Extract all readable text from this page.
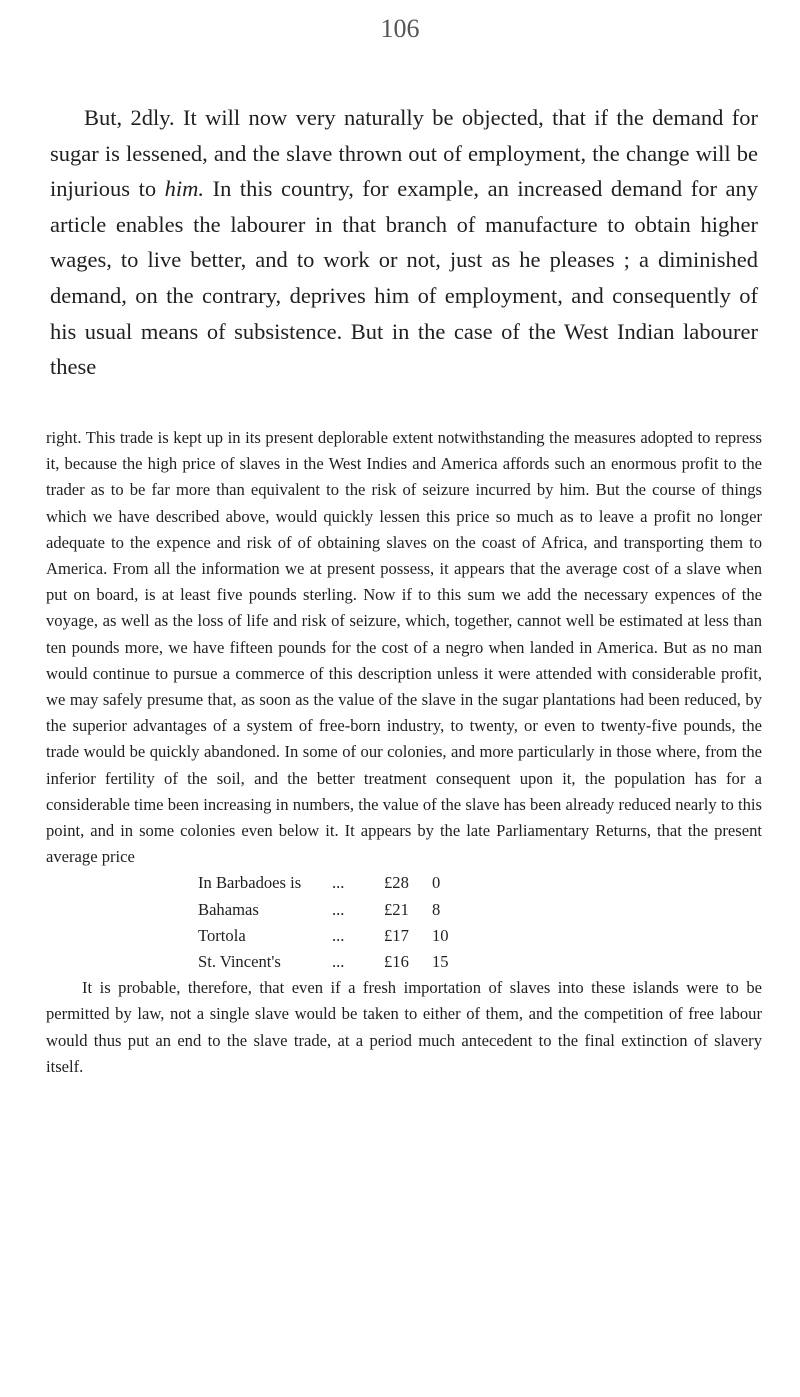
106
But, 2dly. It will now very naturally be objected, that if the demand for sugar is lessened, and the slave thrown out of employment, the change will be injurious to him. In this country, for example, an increased demand for any article enables the labourer in that branch of manufacture to obtain higher wages, to live better, and to work or not, just as he pleases ; a diminished demand, on the contrary, deprives him of employment, and consequently of his usual means of subsistence. But in the case of the West Indian labourer these

right. This trade is kept up in its present deplorable extent notwithstanding the measures adopted to repress it, because the high price of slaves in the West Indies and America affords such an enormous profit to the trader as to be far more than equivalent to the risk of seizure incurred by him. But the course of things which we have described above, would quickly lessen this price so much as to leave a profit no longer adequate to the expence and risk of of obtaining slaves on the coast of Africa, and transporting them to America. From all the information we at present possess, it appears that the average cost of a slave when put on board, is at least five pounds sterling. Now if to this sum we add the necessary expences of the voyage, as well as the loss of life and risk of seizure, which, together, cannot well be estimated at less than ten pounds more, we have fifteen pounds for the cost of a negro when landed in America. But as no man would continue to pursue a commerce of this description unless it were attended with considerable profit, we may safely presume that, as soon as the value of the slave in the sugar plantations had been reduced, by the superior advantages of a system of free-born industry, to twenty, or even to twenty-five pounds, the trade would be quickly abandoned. In some of our colonies, and more particularly in those where, from the inferior fertility of the soil, and the better treatment consequent upon it, the population has for a considerable time been increasing in numbers, the value of the slave has been already reduced nearly to this point, and in some colonies even below it. It appears by the late Parliamentary Returns, that the present average price

In Barbadoes is	...	£28	0
Bahamas	...	£21	8
Tortola	...	£17	10
St. Vincent's	...	£16	15

It is probable, therefore, that even if a fresh importation of slaves into these islands were to be permitted by law, not a single slave would be taken to either of them, and the competition of free labour would thus put an end to the slave trade, at a period much antecedent to the final extinction of slavery itself.
